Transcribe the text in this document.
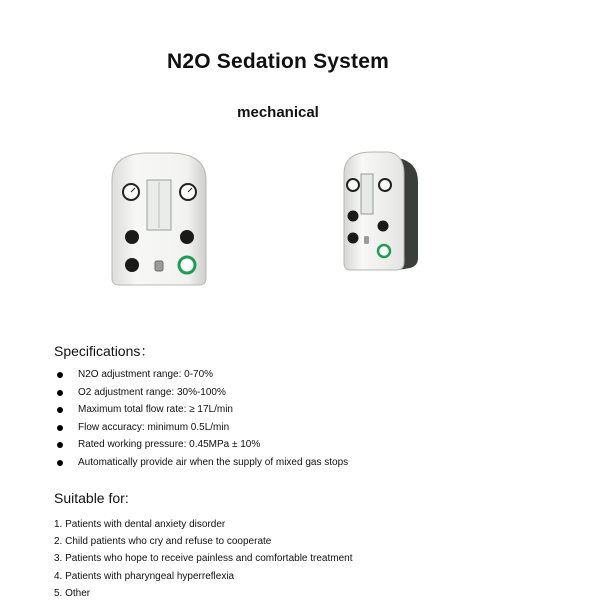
N2O Sedation System
mechanical
Specifications：
N2O adjustment range: 0-70%
O2 adjustment range: 30%-100%
Maximum total flow rate: ≥ 17L/min
Flow accuracy: minimum 0.5L/min
Rated working pressure: 0.45MPa ± 10%
Automatically provide air when the supply of mixed gas stops
Suitable for:
1. Patients with dental anxiety disorder
2. Child patients who cry and refuse to cooperate
3. Patients who hope to receive painless and comfortable treatment
4. Patients with pharyngeal hyperreflexia
5. Other
